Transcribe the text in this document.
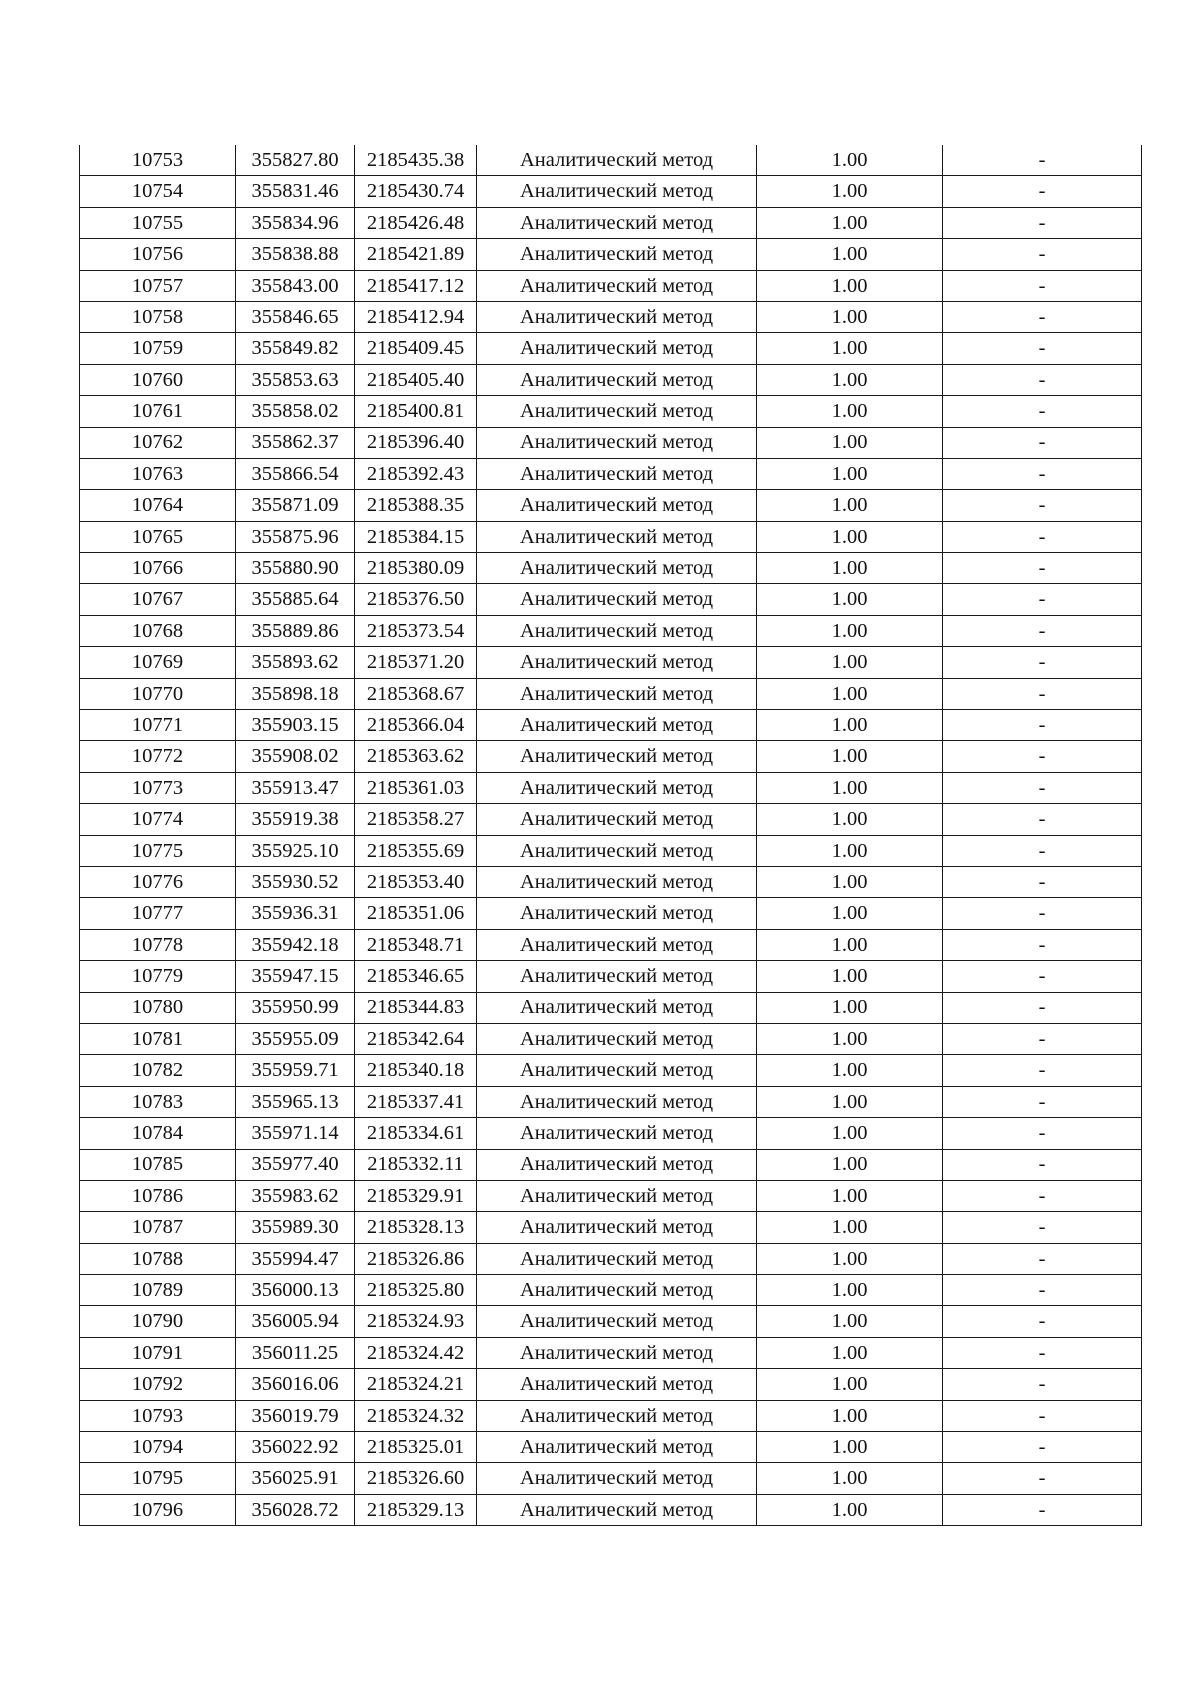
10753	355827.80	2185435.38	Аналитический метод	1.00	-
10754	355831.46	2185430.74	Аналитический метод	1.00	-
10755	355834.96	2185426.48	Аналитический метод	1.00	-
10756	355838.88	2185421.89	Аналитический метод	1.00	-
10757	355843.00	2185417.12	Аналитический метод	1.00	-
10758	355846.65	2185412.94	Аналитический метод	1.00	-
10759	355849.82	2185409.45	Аналитический метод	1.00	-
10760	355853.63	2185405.40	Аналитический метод	1.00	-
10761	355858.02	2185400.81	Аналитический метод	1.00	-
10762	355862.37	2185396.40	Аналитический метод	1.00	-
10763	355866.54	2185392.43	Аналитический метод	1.00	-
10764	355871.09	2185388.35	Аналитический метод	1.00	-
10765	355875.96	2185384.15	Аналитический метод	1.00	-
10766	355880.90	2185380.09	Аналитический метод	1.00	-
10767	355885.64	2185376.50	Аналитический метод	1.00	-
10768	355889.86	2185373.54	Аналитический метод	1.00	-
10769	355893.62	2185371.20	Аналитический метод	1.00	-
10770	355898.18	2185368.67	Аналитический метод	1.00	-
10771	355903.15	2185366.04	Аналитический метод	1.00	-
10772	355908.02	2185363.62	Аналитический метод	1.00	-
10773	355913.47	2185361.03	Аналитический метод	1.00	-
10774	355919.38	2185358.27	Аналитический метод	1.00	-
10775	355925.10	2185355.69	Аналитический метод	1.00	-
10776	355930.52	2185353.40	Аналитический метод	1.00	-
10777	355936.31	2185351.06	Аналитический метод	1.00	-
10778	355942.18	2185348.71	Аналитический метод	1.00	-
10779	355947.15	2185346.65	Аналитический метод	1.00	-
10780	355950.99	2185344.83	Аналитический метод	1.00	-
10781	355955.09	2185342.64	Аналитический метод	1.00	-
10782	355959.71	2185340.18	Аналитический метод	1.00	-
10783	355965.13	2185337.41	Аналитический метод	1.00	-
10784	355971.14	2185334.61	Аналитический метод	1.00	-
10785	355977.40	2185332.11	Аналитический метод	1.00	-
10786	355983.62	2185329.91	Аналитический метод	1.00	-
10787	355989.30	2185328.13	Аналитический метод	1.00	-
10788	355994.47	2185326.86	Аналитический метод	1.00	-
10789	356000.13	2185325.80	Аналитический метод	1.00	-
10790	356005.94	2185324.93	Аналитический метод	1.00	-
10791	356011.25	2185324.42	Аналитический метод	1.00	-
10792	356016.06	2185324.21	Аналитический метод	1.00	-
10793	356019.79	2185324.32	Аналитический метод	1.00	-
10794	356022.92	2185325.01	Аналитический метод	1.00	-
10795	356025.91	2185326.60	Аналитический метод	1.00	-
10796	356028.72	2185329.13	Аналитический метод	1.00	-
